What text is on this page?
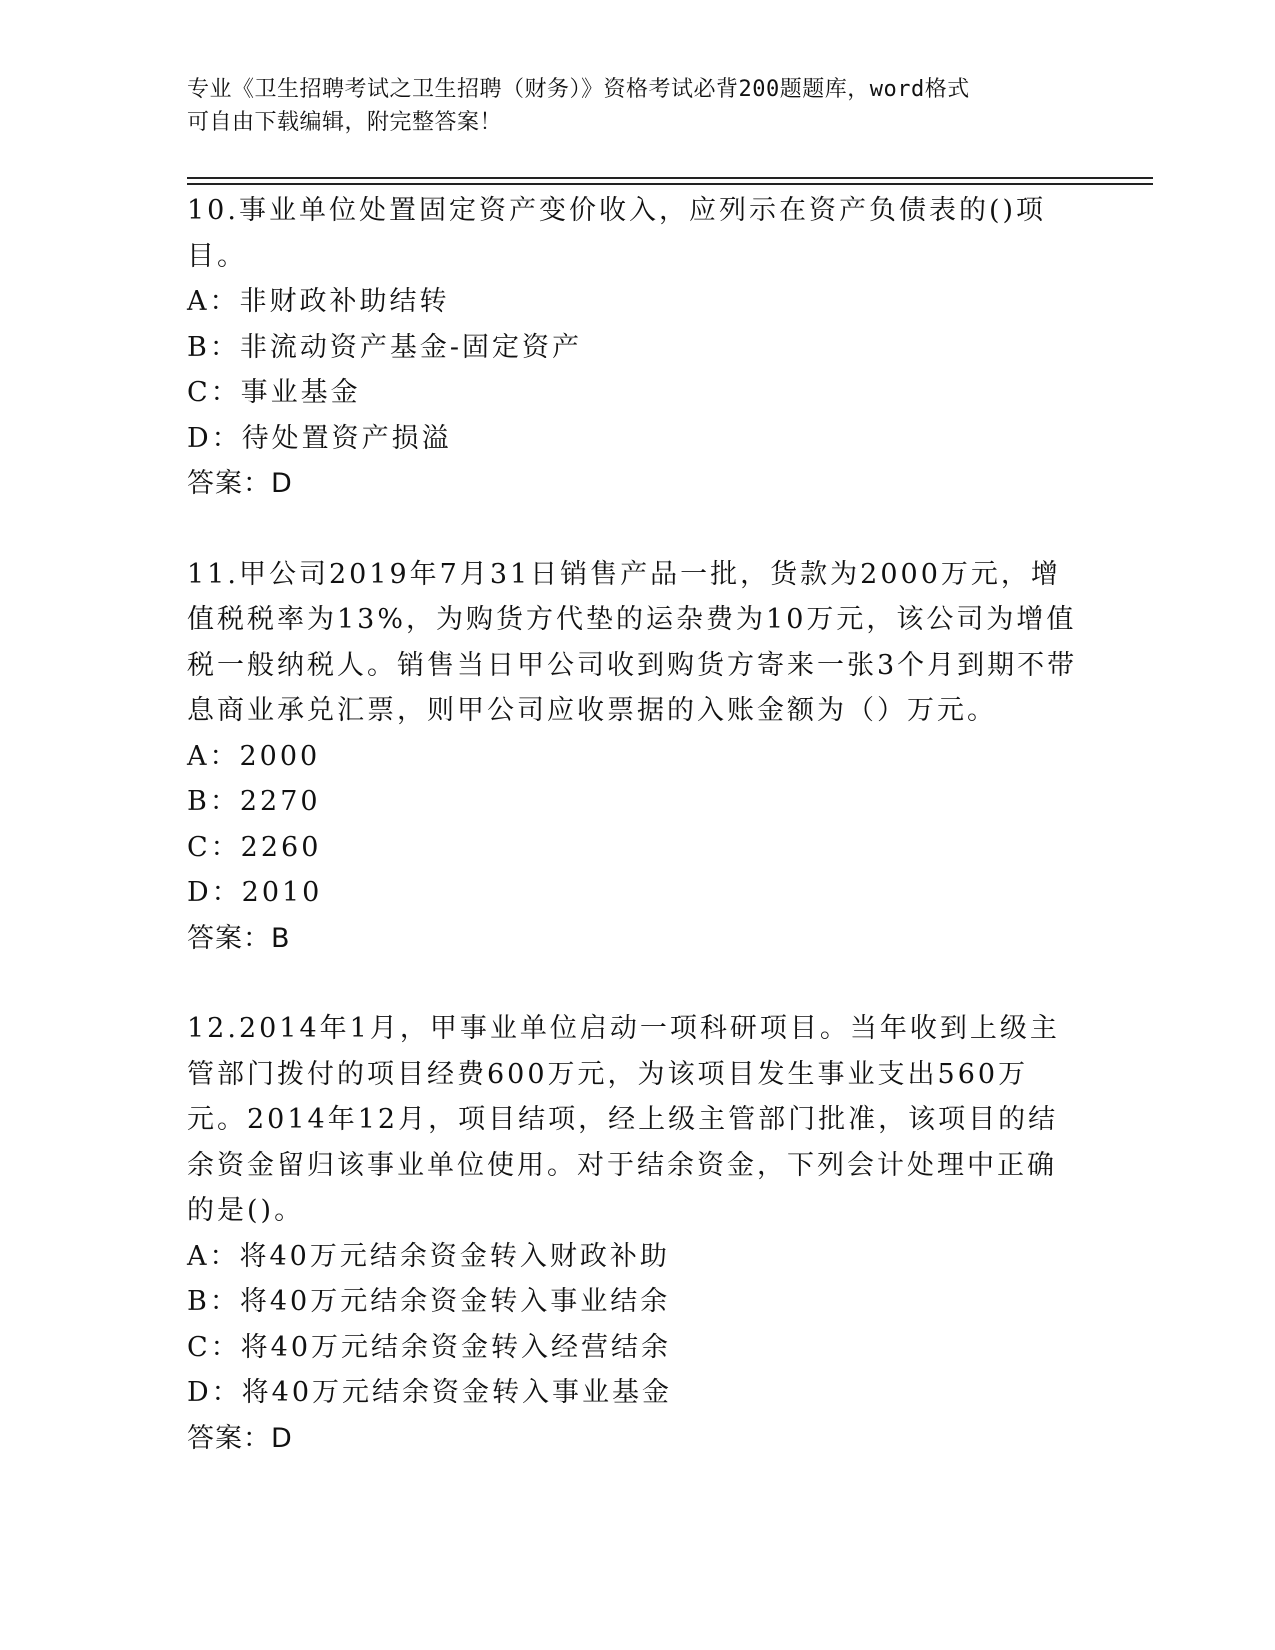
专业《卫生招聘考试之卫生招聘（财务）》资格考试必背200题题库，word格式
可自由下载编辑，附完整答案！
10.事业单位处置固定资产变价收入，应列示在资产负债表的()项目。
A：非财政补助结转
B：非流动资产基金-固定资产
C：事业基金
D：待处置资产损溢
答案：D
11.甲公司2019年7月31日销售产品一批，货款为2000万元，增值税税率为13%，为购货方代垫的运杂费为10万元，该公司为增值税一般纳税人。销售当日甲公司收到购货方寄来一张3个月到期不带息商业承兑汇票，则甲公司应收票据的入账金额为（）万元。
A：2000
B：2270
C：2260
D：2010
答案：B
12.2014年1月，甲事业单位启动一项科研项目。当年收到上级主管部门拨付的项目经费600万元，为该项目发生事业支出560万元。2014年12月，项目结项，经上级主管部门批准，该项目的结余资金留归该事业单位使用。对于结余资金，下列会计处理中正确的是()。
A：将40万元结余资金转入财政补助
B：将40万元结余资金转入事业结余
C：将40万元结余资金转入经营结余
D：将40万元结余资金转入事业基金
答案：D
